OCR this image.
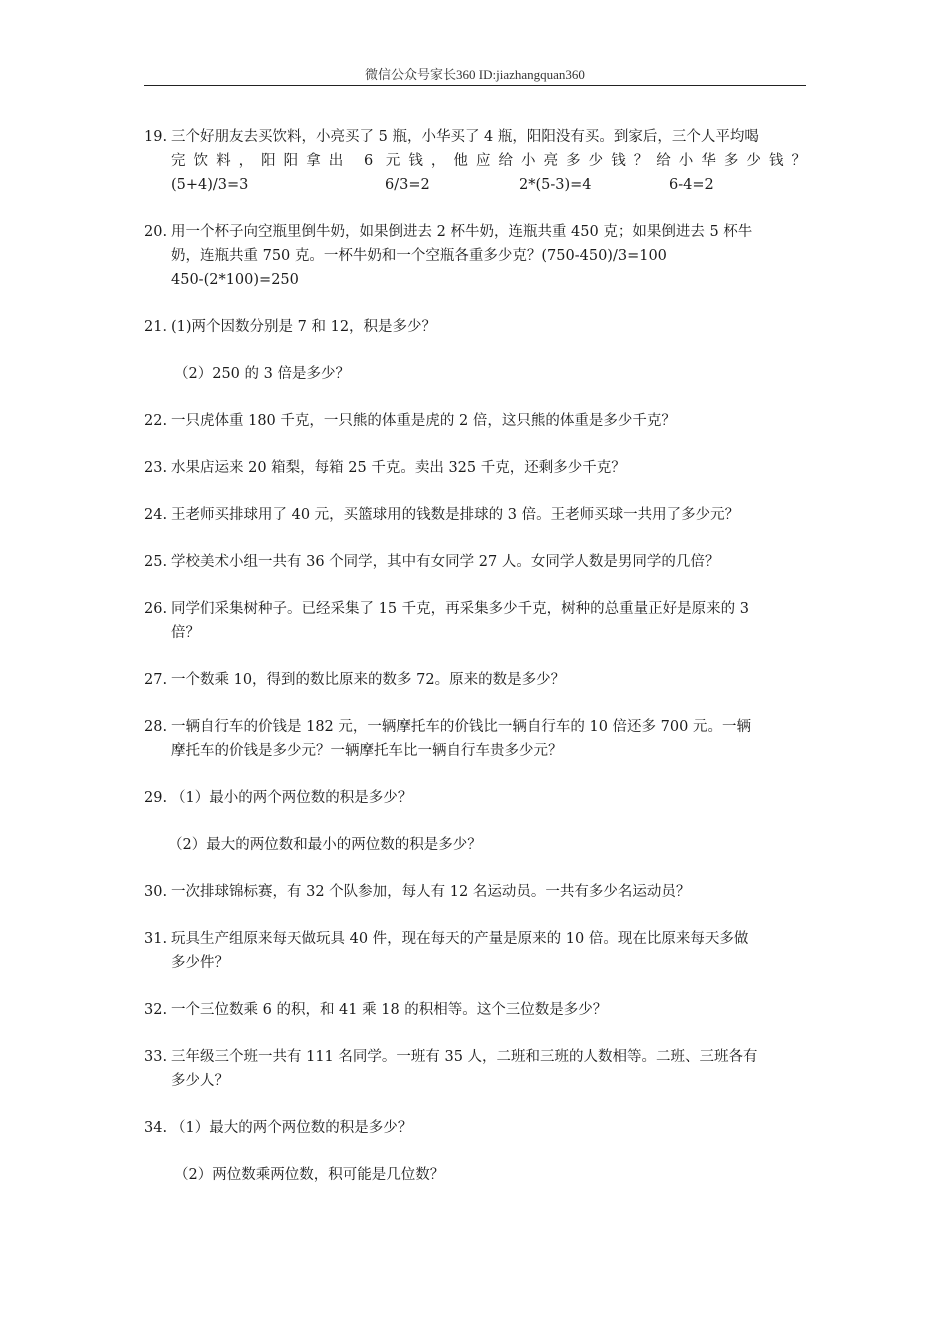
微信公众号家长360 ID:jiazhangquan360
19. 三个好朋友去买饮料，小亮买了 5 瓶，小华买了 4 瓶，阳阳没有买。到家后，三个人平均喝
完饮料，阳阳拿出 6 元钱，他应给小亮多少钱？给小华多少钱？
(5+4)/3=3	6/3=2	2*(5-3)=4	6-4=2
20. 用一个杯子向空瓶里倒牛奶，如果倒进去 2 杯牛奶，连瓶共重 450 克；如果倒进去 5 杯牛
奶，连瓶共重 750 克。一杯牛奶和一个空瓶各重多少克？(750-450)/3=100
450-(2*100)=250
21．
(1)两个因数分别是 7 和 12，积是多少？
（2）250 的 3 倍是多少？
22. 一只虎体重 180 千克，一只熊的体重是虎的 2 倍，这只熊的体重是多少千克？
23. 水果店运来 20 箱梨，每箱 25 千克。卖出 325 千克，还剩多少千克？
24. 王老师买排球用了 40 元，买篮球用的钱数是排球的 3 倍。王老师买球一共用了多少元？
25. 学校美术小组一共有 36 个同学，其中有女同学 27 人。女同学人数是男同学的几倍？
26. 同学们采集树种子。已经采集了 15 千克，再采集多少千克，树种的总重量正好是原来的 3
倍？
27. 一个数乘 10，得到的数比原来的数多 72。原来的数是多少？
28. 一辆自行车的价钱是 182 元，一辆摩托车的价钱比一辆自行车的 10 倍还多 700 元。一辆
摩托车的价钱是多少元？一辆摩托车比一辆自行车贵多少元？
29. （1）最小的两个两位数的积是多少？
（2）最大的两位数和最小的两位数的积是多少？
30. 一次排球锦标赛，有 32 个队参加，每人有 12 名运动员。一共有多少名运动员？
31. 玩具生产组原来每天做玩具 40 件，现在每天的产量是原来的 10 倍。现在比原来每天多做
多少件？
32. 一个三位数乘 6 的积，和 41 乘 18 的积相等。这个三位数是多少？
33. 三年级三个班一共有 111 名同学。一班有 35 人，二班和三班的人数相等。二班、三班各有
多少人？
34. （1）最大的两个两位数的积是多少？
（2）两位数乘两位数，积可能是几位数？
